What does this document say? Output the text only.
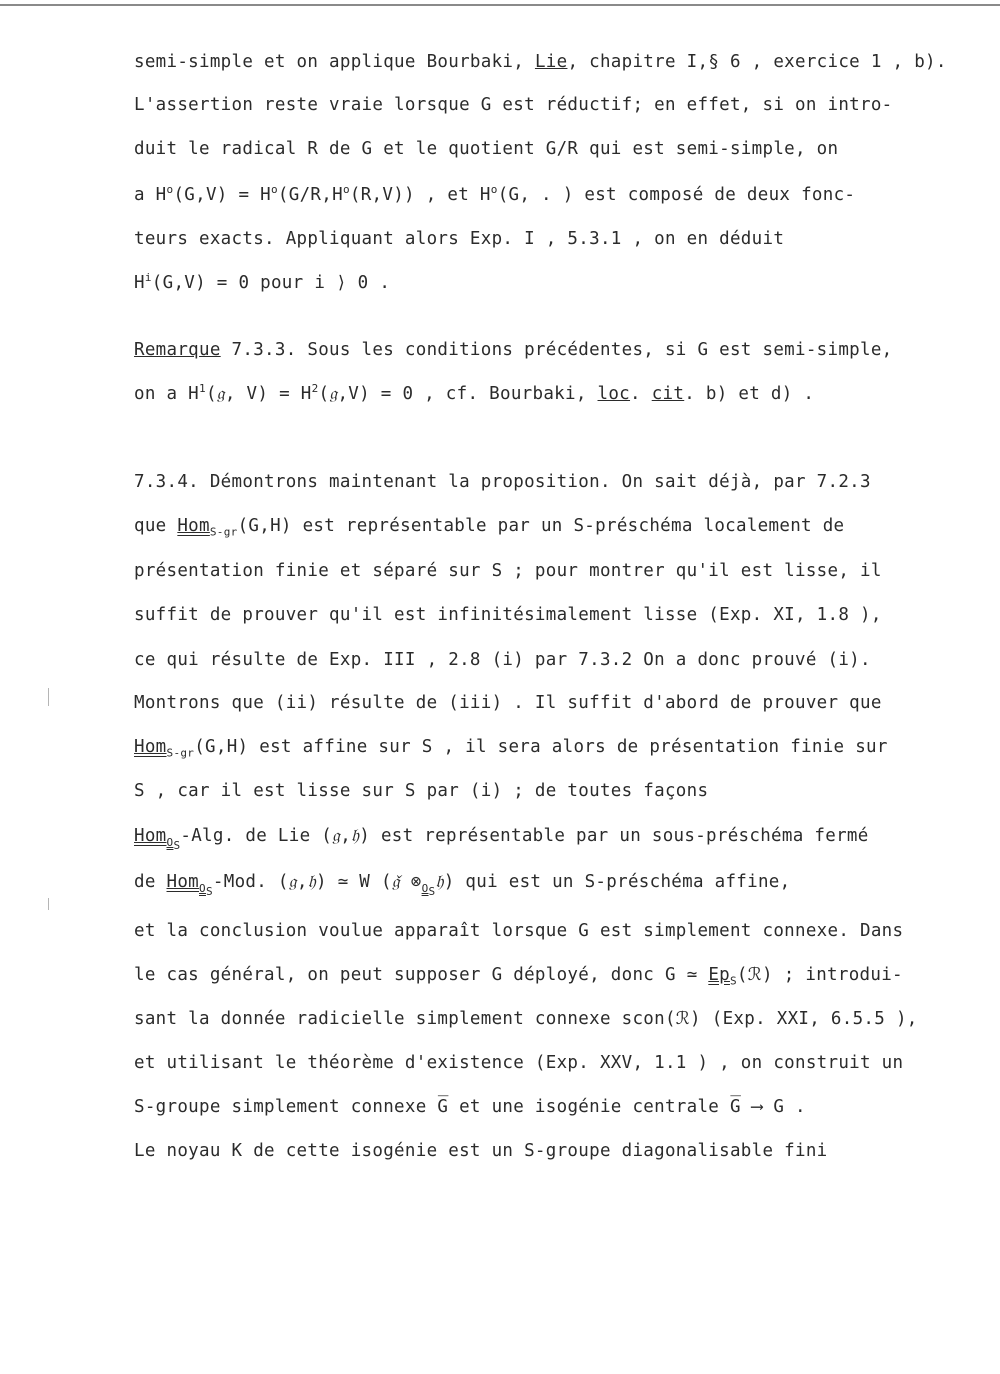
semi-simple et on applique Bourbaki, Lie, chapitre I,§ 6 , exercice 1 , b).
L'assertion reste vraie lorsque G est réductif; en effet, si on intro-
duit le radical R de G et le quotient G/R qui est semi-simple, on
a $H^o(G,V) = H^o(G/R,H^o(R,V))$ , et $H^o(G$, . ) est composé de deux fonc-
teurs exacts. Appliquant alors Exp. I , 5.3.1 , on en déduit
$H^i(G,V) = 0$ pour i ⟩ 0 .
Remarque 7.3.3. Sous les conditions précédentes, si G est semi-simple,
on a $H^1(𝔤$, $V) = H^2(𝔤,V) = 0$ , cf. Bourbaki, loc. cit. b) et d) .
7.3.4. Démontrons maintenant la proposition. On sait déjà, par 7.2.3
que Hom$_{S-gr}$(G,H) est représentable par un S-préschéma localement de
présentation finie et séparé sur S ; pour montrer qu'il est lisse, il
suffit de prouver qu'il est infinitésimalement lisse (Exp. XI, 1.8 ),
ce qui résulte de Exp. III , 2.8 (i) par 7.3.2 On a donc prouvé (i).
Montrons que (ii) résulte de (iii) . Il suffit d'abord de prouver que
Hom$_{S-gr}$(G,H) est affine sur S , il sera alors de présentation finie sur
S , car il est lisse sur S par (i) ; de toutes façons
Hom$_{O_S}$-Alg. de Lie (𝔤,𝔥) est représentable par un sous-préschéma fermé
de Hom$_{O_S}$-Mod. (𝔤,𝔥) ≃ W (𝔤̌ $\otimes_{O_S}𝔥$) qui est un S-préschéma affine,
et la conclusion voulue apparaît lorsque G est simplement connexe. Dans
le cas général, on peut supposer G déployé, donc G ≃ $Ep_S(ℛ)$ ; introdui-
sant la donnée radicielle simplement connexe scon(ℛ) (Exp. XXI, 6.5.5 ),
et utilisant le théorème d'existence (Exp. XXV, 1.1 ) , on construit un
S-groupe simplement connexe G̅ et une isogénie centrale G̅ ⟶ G .
Le noyau K de cette isogénie est un S-groupe diagonalisable fini
